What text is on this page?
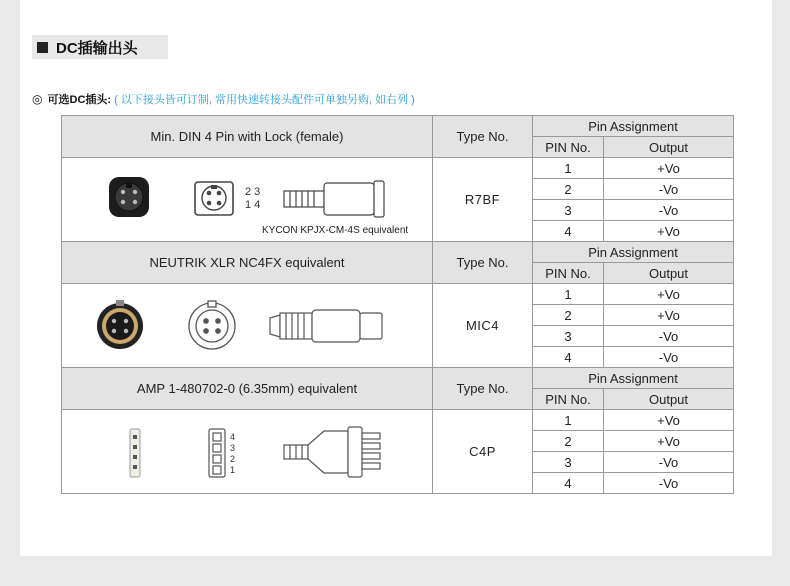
DC插输出头
◎ 可选DC插头: ( 以下接头皆可订制, 常用快速转接头配件可单独另购, 如右列 )
Min. DIN 4 Pin with Lock (female)	Type No.	Pin Assignment	
		PIN No.	Output

2 3
1 4
KYCON KPJX-CM-4S equivalent	R7BF	1	+Vo
		2	-Vo
		3	-Vo
		4	+Vo
NEUTRIK XLR NC4FX equivalent	Type No.	Pin Assignment	
		PIN No.	Output

	MIC4	1	+Vo
		2	+Vo
		3	-Vo
		4	-Vo
AMP 1-480702-0 (6.35mm) equivalent	Type No.	Pin Assignment	
		PIN No.	Output

4
3
2
1	C4P	1	+Vo
		2	+Vo
		3	-Vo
		4	-Vo
